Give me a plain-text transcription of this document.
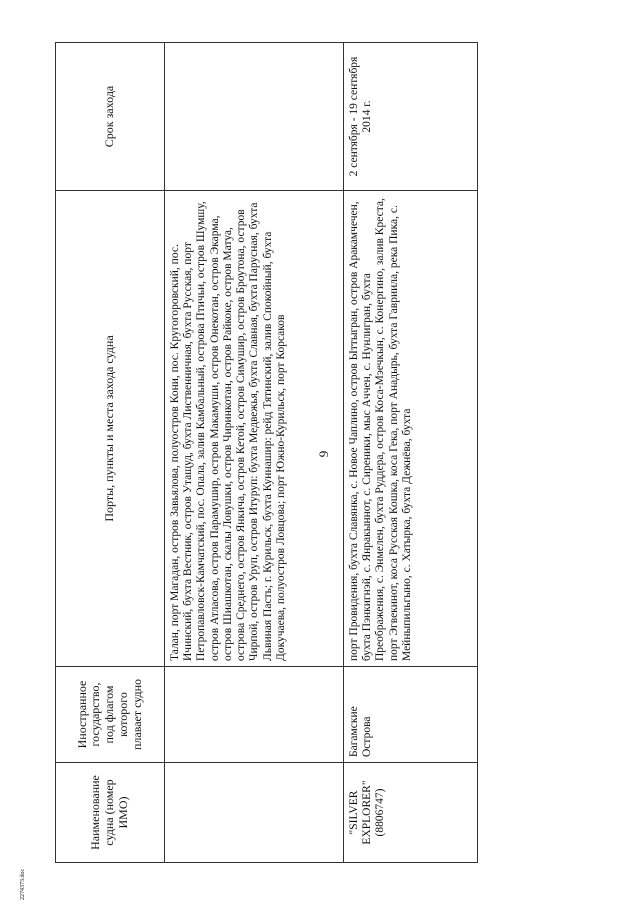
9
Наименование судна (номер ИМО)	Иностранное государство, под флагом которого плавает судно	Порты, пункты и места захода судна	Срок захода
		Талан, порт Магадан, остров Завьялова, полуостров Кони, пос. Кругогоровский, пос. Ичинский, бухта Вестник, остров Утащуд, бухта Лиственничная, бухта Русская, порт Петропавловск-Камчатский, пос. Опала, залив Камбальный, острова Птичьи, остров Шумшу, остров Атласова, остров Парамушир, остров Макамуши, остров Онекотан, остров Экарма, остров Шиашкотан, скалы Ловушки, остров Чиринкотан, остров Райкоке, остров Матуа, острова Среднего, остров Янкича, остров Кетой, остров Симушир, остров Броутона, остров Чирпой, остров Уруп, остров Итуруп: бухта Медвежья, бухта Славная, бухта Парусная, бухта Львиная Пасть; г. Курильск, бухта Куннашир: рейд Тятинский, залив Спокойный, бухта Докучаева, полуостров Ловцова; порт Южно-Курильск, порт Корсаков	
"SILVER EXPLORER" (8806747)	Багамские Острова	порт Провидения, бухта Славянка, с. Новое Чаплино, остров Ыттыгран, остров Аракамчечен, бухта Пэнкигнэй, с. Янракыннот, с. Сиреники, мыс Аччен, с. Нунлигран, бухта Преображения, с. Энмелен, бухта Руддера, остров Коса-Мэечкын, с. Конергино, залив Креста, порт Эгвекинот, коса Русская Кошка, коса Гека, порт Анадырь, бухта Гавриила, река Пика, с. Мейныпильгыно, с. Хатырка, бухта Дежнёва, бухта	2 сентября - 19 сентября 2014 г.
2274373.doc
